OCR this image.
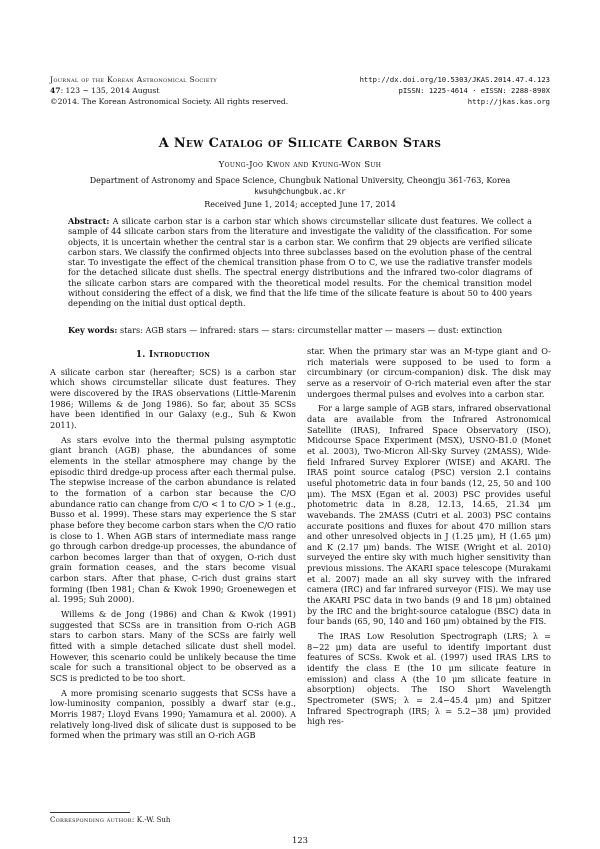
Journal of the Korean Astronomical Society
47: 123 ∼ 135, 2014 August
©2014. The Korean Astronomical Society. All rights reserved.
http://dx.doi.org/10.5303/JKAS.2014.47.4.123
pISSN: 1225-4614 · eISSN: 2288-890X
http://jkas.kas.org
A New Catalog of Silicate Carbon Stars
Young-Joo Kwon and Kyung-Won Suh
Department of Astronomy and Space Science, Chungbuk National University, Cheongju 361-763, Korea
kwsuh@chungbuk.ac.kr
Received June 1, 2014; accepted June 17, 2014
Abstract: A silicate carbon star is a carbon star which shows circumstellar silicate dust features. We collect a sample of 44 silicate carbon stars from the literature and investigate the validity of the classification. For some objects, it is uncertain whether the central star is a carbon star. We confirm that 29 objects are verified silicate carbon stars. We classify the confirmed objects into three subclasses based on the evolution phase of the central star. To investigate the effect of the chemical transition phase from O to C, we use the radiative transfer models for the detached silicate dust shells. The spectral energy distributions and the infrared two-color diagrams of the silicate carbon stars are compared with the theoretical model results. For the chemical transition model without considering the effect of a disk, we find that the life time of the silicate feature is about 50 to 400 years depending on the initial dust optical depth.
Key words: stars: AGB stars — infrared: stars — stars: circumstellar matter — masers — dust: extinction
1. Introduction

A silicate carbon star (hereafter; SCS) is a carbon star which shows circumstellar silicate dust features. They were discovered by the IRAS observations (Little-Marenin 1986; Willems & de Jong 1986). So far, about 35 SCSs have been identified in our Galaxy (e.g., Suh & Kwon 2011).

As stars evolve into the thermal pulsing asymptotic giant branch (AGB) phase, the abundances of some elements in the stellar atmosphere may change by the episodic third dredge-up process after each thermal pulse. The stepwise increase of the carbon abundance is related to the formation of a carbon star because the C/O abundance ratio can change from C/O < 1 to C/O > 1 (e.g., Busso et al. 1999). These stars may experience the S star phase before they become carbon stars when the C/O ratio is close to 1. When AGB stars of intermediate mass range go through carbon dredge-up processes, the abundance of carbon becomes larger than that of oxygen, O-rich dust grain formation ceases, and the stars become visual carbon stars. After that phase, C-rich dust grains start forming (Iben 1981; Chan & Kwok 1990; Groenewegen et al. 1995; Suh 2000).

Willems & de Jong (1986) and Chan & Kwok (1991) suggested that SCSs are in transition from O-rich AGB stars to carbon stars. Many of the SCSs are fairly well fitted with a simple detached silicate dust shell model. However, this scenario could be unlikely because the time scale for such a transitional object to be observed as a SCS is predicted to be too short.

A more promising scenario suggests that SCSs have a low-luminosity companion, possibly a dwarf star (e.g., Morris 1987; Lloyd Evans 1990; Yamamura et al. 2000). A relatively long-lived disk of silicate dust is supposed to be formed when the primary was still an O-rich AGB

star. When the primary star was an M-type giant and O-rich materials were supposed to be used to form a circumbinary (or circum-companion) disk. The disk may serve as a reservoir of O-rich material even after the star undergoes thermal pulses and evolves into a carbon star.

For a large sample of AGB stars, infrared observational data are available from the Infrared Astronomical Satellite (IRAS), Infrared Space Observatory (ISO), Midcourse Space Experiment (MSX), USNO-B1.0 (Monet et al. 2003), Two-Micron All-Sky Survey (2MASS), Wide-field Infrared Survey Explorer (WISE) and AKARI. The IRAS point source catalog (PSC) version 2.1 contains useful photometric data in four bands (12, 25, 50 and 100 μm). The MSX (Egan et al. 2003) PSC provides useful photometric data in 8.28, 12.13, 14.65, 21.34 μm wavebands. The 2MASS (Cutri et al. 2003) PSC contains accurate positions and fluxes for about 470 million stars and other unresolved objects in J (1.25 μm), H (1.65 μm) and K (2.17 μm) bands. The WISE (Wright et al. 2010) surveyed the entire sky with much higher sensitivity than previous missions. The AKARI space telescope (Murakami et al. 2007) made an all sky survey with the infrared camera (IRC) and far infrared surveyor (FIS). We may use the AKARI PSC data in two bands (9 and 18 μm) obtained by the IRC and the bright-source catalogue (BSC) data in four bands (65, 90, 140 and 160 μm) obtained by the FIS.

The IRAS Low Resolution Spectrograph (LRS; λ = 8−22 μm) data are useful to identify important dust features of SCSs. Kwok et al. (1997) used IRAS LRS to identify the class E (the 10 μm silicate feature in emission) and class A (the 10 μm silicate feature in absorption) objects. The ISO Short Wavelength Spectrometer (SWS; λ = 2.4−45.4 μm) and Spitzer Infrared Spectrograph (IRS; λ = 5.2−38 μm) provided high res-

Corresponding author: K.-W. Suh
123
